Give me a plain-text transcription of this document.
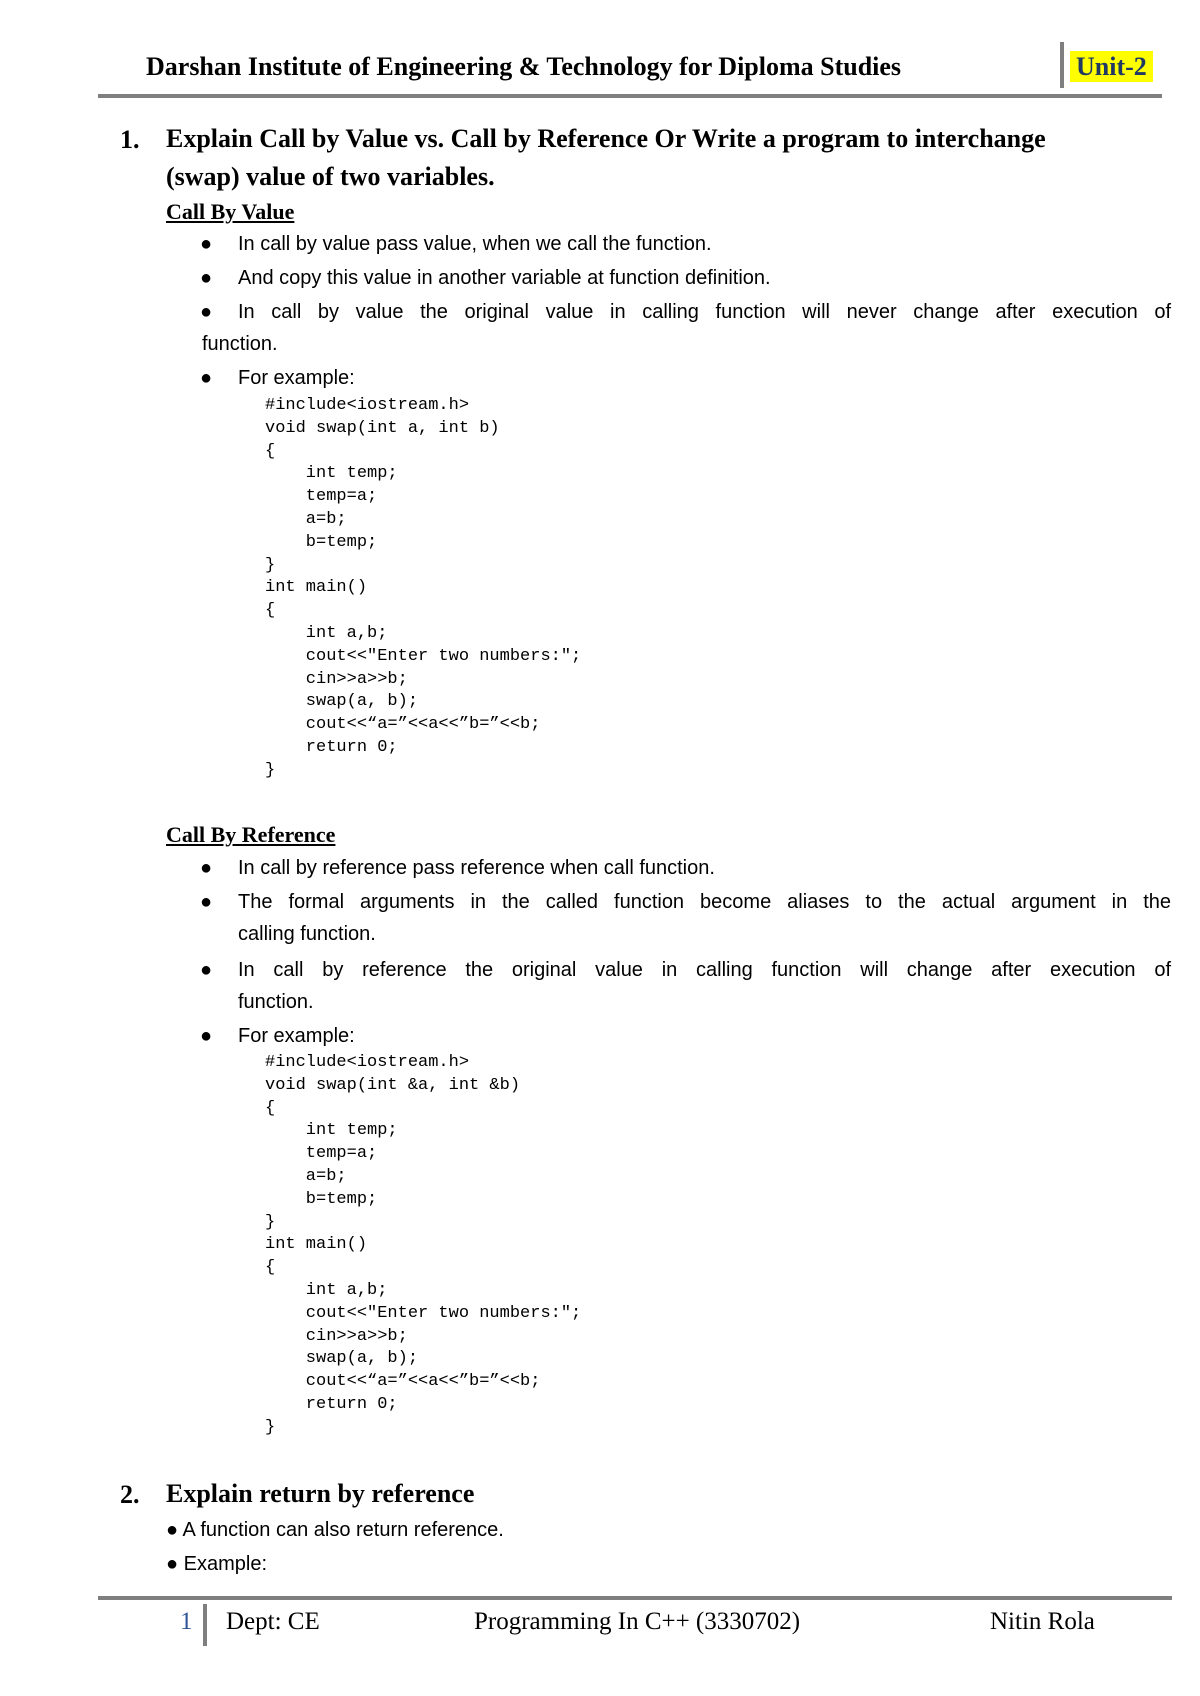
Darshan Institute of Engineering & Technology for Diploma Studies	Unit-2
1. Explain Call by Value vs. Call by Reference Or Write a program to interchange
(swap) value of two variables.
Call By Value
● In call by value pass value, when we call the function.
● And copy this value in another variable at function definition.
● In call by value the original value in calling function will never change after execution of
function.
● For example:
#include<iostream.h>
void swap(int a, int b)
{
int temp;
temp=a;
a=b;
b=temp;
}
int main()
{
int a,b;
cout<<"Enter two numbers:";
cin>>a>>b;
swap(a, b);
cout<<“a=”<<a<<”b=”<<b;
return 0;
}
Call By Reference
● In call by reference pass reference when call function.
● The formal arguments in the called function become aliases to the actual argument in the
calling function.
● In call by reference the original value in calling function will change after execution of
function.
● For example:
#include<iostream.h>
void swap(int &a, int &b)
{
int temp;
temp=a;
a=b;
b=temp;
}
int main()
{
int a,b;
cout<<"Enter two numbers:";
cin>>a>>b;
swap(a, b);
cout<<“a=”<<a<<”b=”<<b;
return 0;
}
2. Explain return by reference
● A function can also return reference.
● Example:
1 Dept: CE	Programming In C++ (3330702)	Nitin Rola
